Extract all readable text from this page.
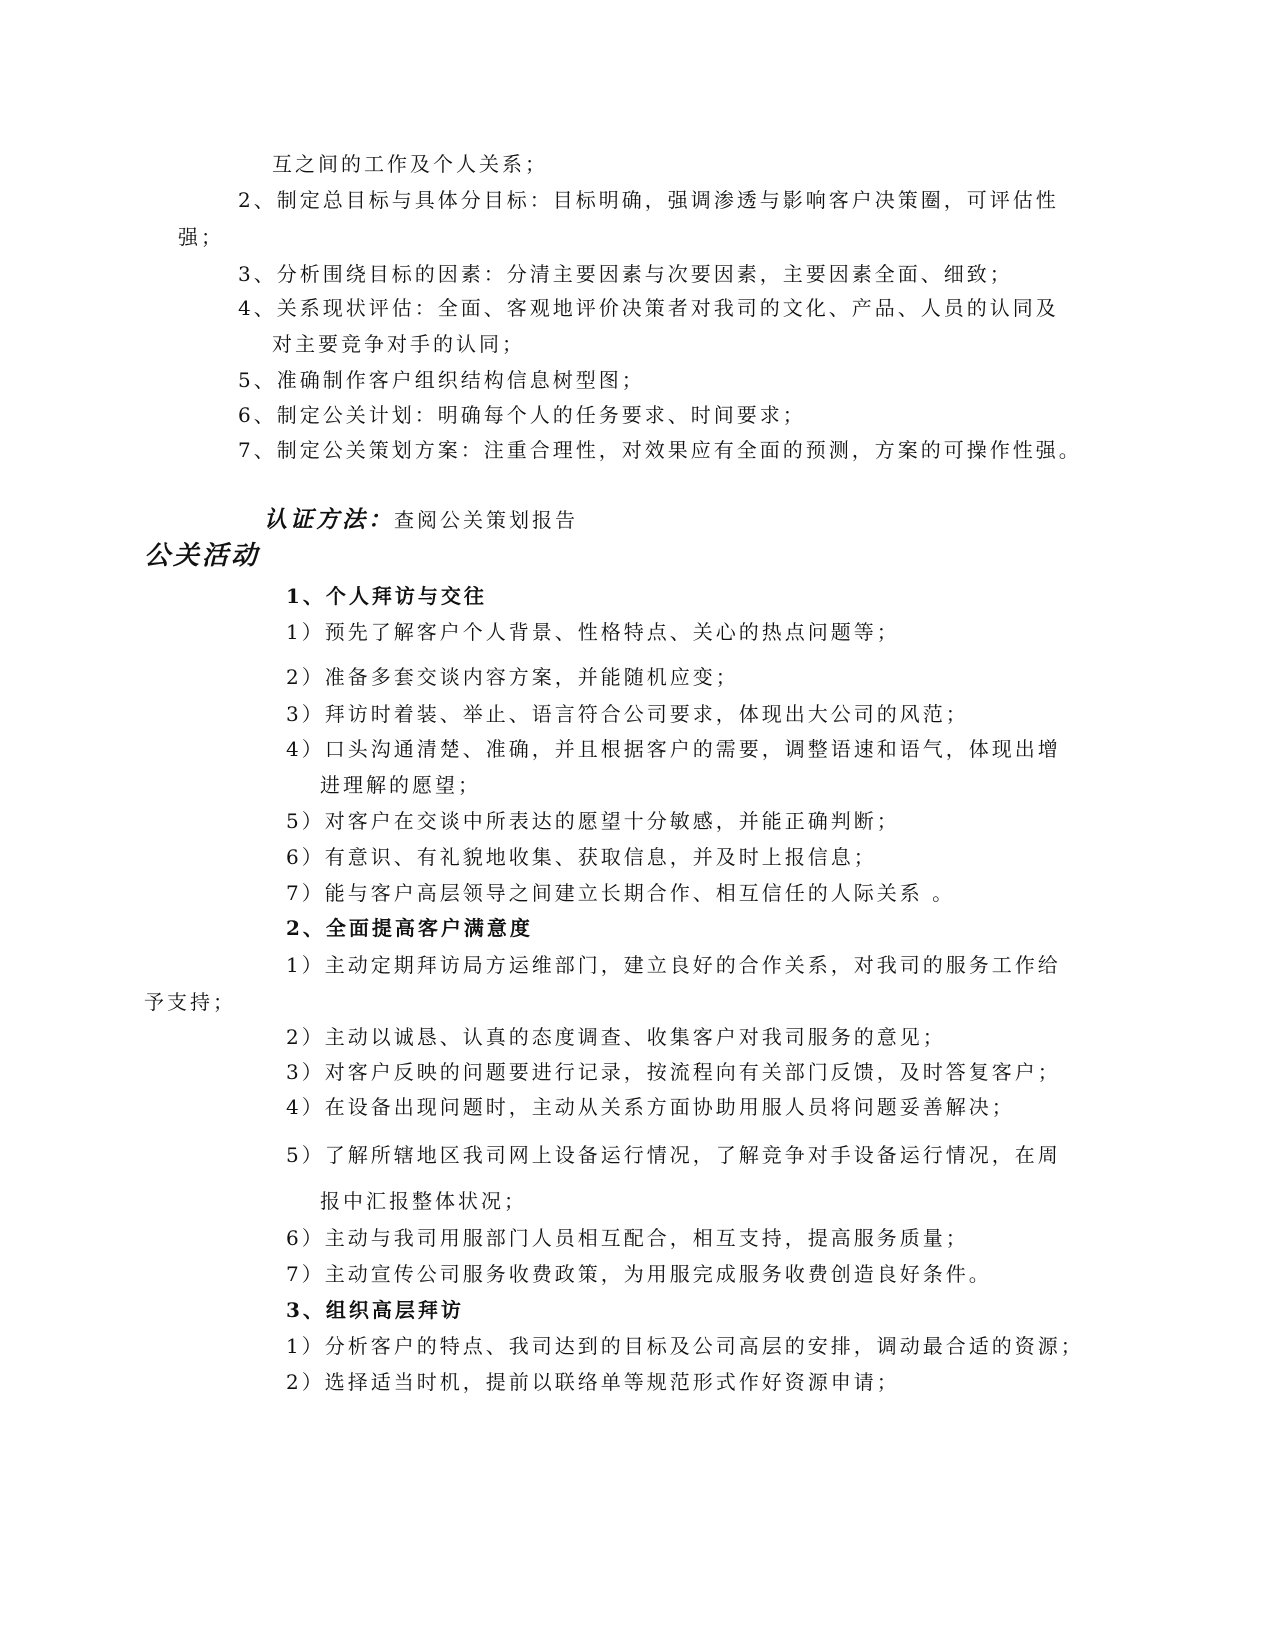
互之间的工作及个人关系；
2、制定总目标与具体分目标：目标明确，强调渗透与影响客户决策圈，可评估性
强；
3、分析围绕目标的因素：分清主要因素与次要因素，主要因素全面、细致；
4、关系现状评估：全面、客观地评价决策者对我司的文化、产品、人员的认同及
对主要竞争对手的认同；
5、准确制作客户组织结构信息树型图；
6、制定公关计划：明确每个人的任务要求、时间要求；
7、制定公关策划方案：注重合理性，对效果应有全面的预测，方案的可操作性强。
认证方法：查阅公关策划报告
公关活动
1、个人拜访与交往
1）预先了解客户个人背景、性格特点、关心的热点问题等；
2）准备多套交谈内容方案，并能随机应变；
3）拜访时着装、举止、语言符合公司要求，体现出大公司的风范；
4）口头沟通清楚、准确，并且根据客户的需要，调整语速和语气，体现出增
进理解的愿望；
5）对客户在交谈中所表达的愿望十分敏感，并能正确判断；
6）有意识、有礼貌地收集、获取信息，并及时上报信息；
7）能与客户高层领导之间建立长期合作、相互信任的人际关系 。
2、全面提高客户满意度
1）主动定期拜访局方运维部门，建立良好的合作关系，对我司的服务工作给
予支持；
2）主动以诚恳、认真的态度调查、收集客户对我司服务的意见；
3）对客户反映的问题要进行记录，按流程向有关部门反馈，及时答复客户；
4）在设备出现问题时，主动从关系方面协助用服人员将问题妥善解决；
5）了解所辖地区我司网上设备运行情况，了解竞争对手设备运行情况，在周
报中汇报整体状况；
6）主动与我司用服部门人员相互配合，相互支持，提高服务质量；
7）主动宣传公司服务收费政策，为用服完成服务收费创造良好条件。
3、组织高层拜访
1）分析客户的特点、我司达到的目标及公司高层的安排，调动最合适的资源；
2）选择适当时机，提前以联络单等规范形式作好资源申请；
